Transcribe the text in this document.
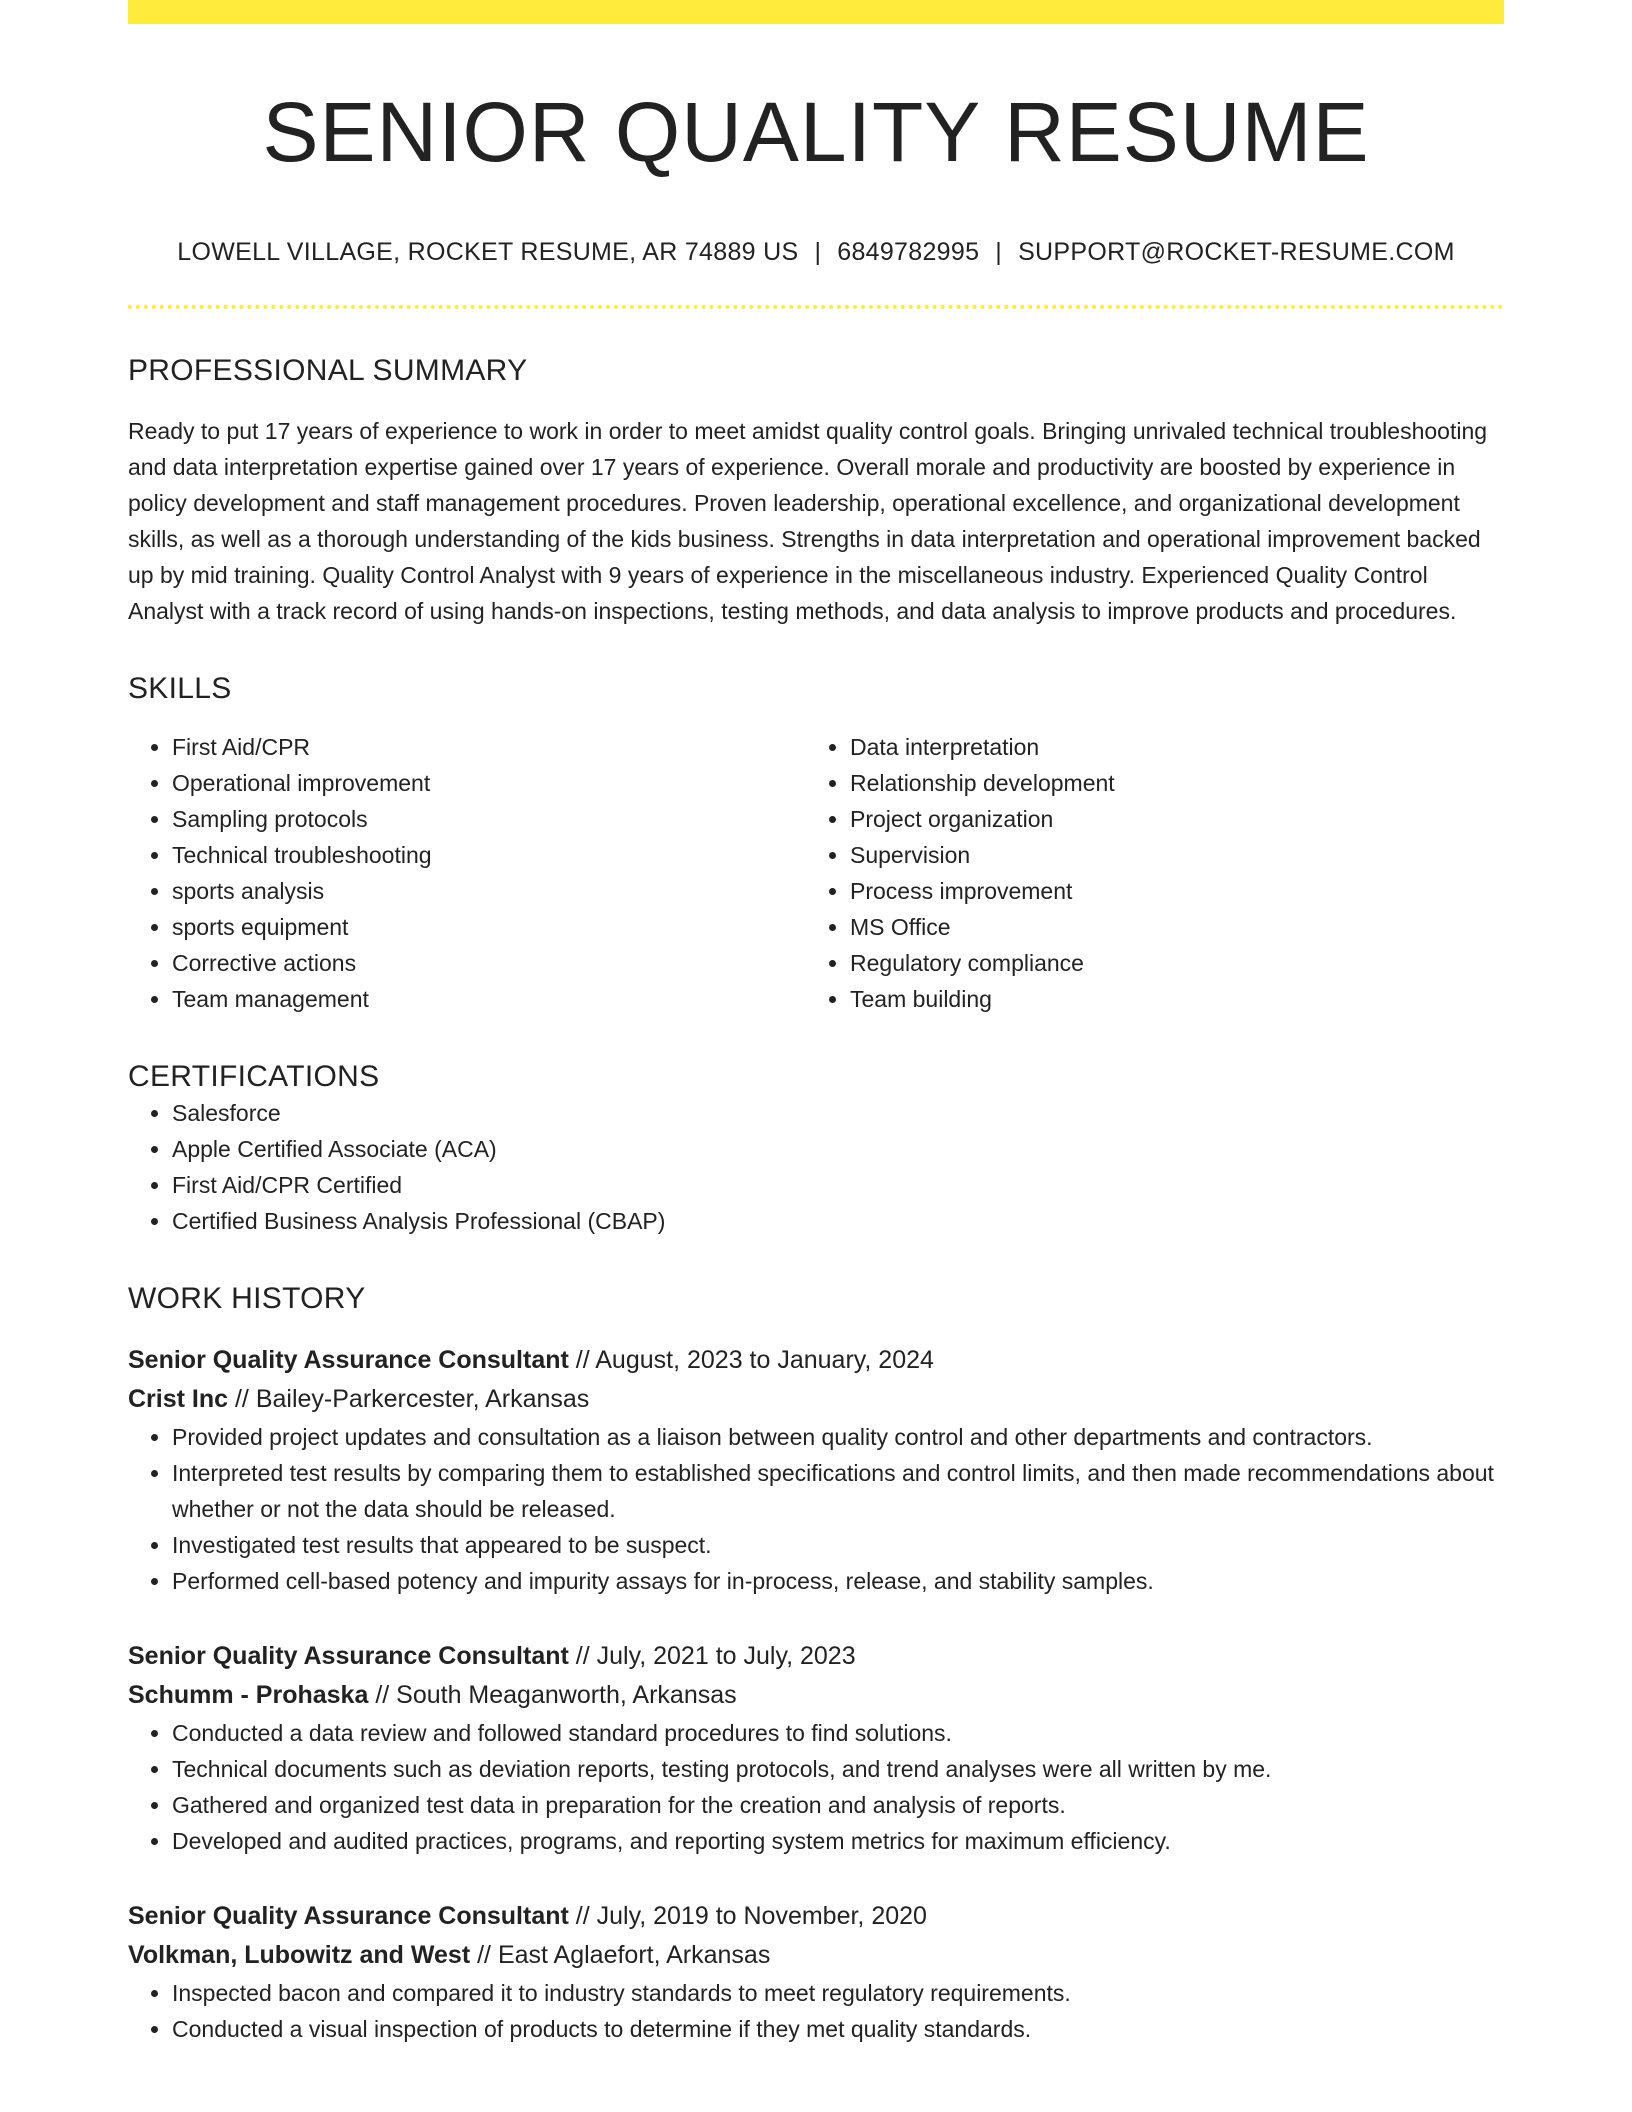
SENIOR QUALITY RESUME
LOWELL VILLAGE, ROCKET RESUME, AR 74889 US | 6849782995 | SUPPORT@ROCKET-RESUME.COM
PROFESSIONAL SUMMARY

Ready to put 17 years of experience to work in order to meet amidst quality control goals. Bringing unrivaled technical troubleshooting and data interpretation expertise gained over 17 years of experience. Overall morale and productivity are boosted by experience in policy development and staff management procedures. Proven leadership, operational excellence, and organizational development skills, as well as a thorough understanding of the kids business. Strengths in data interpretation and operational improvement backed up by mid training. Quality Control Analyst with 9 years of experience in the miscellaneous industry. Experienced Quality Control Analyst with a track record of using hands-on inspections, testing methods, and data analysis to improve products and procedures.

SKILLS
• First Aid/CPR
• Operational improvement
• Sampling protocols
• Technical troubleshooting
• sports analysis
• sports equipment
• Corrective actions
• Team management
• Data interpretation
• Relationship development
• Project organization
• Supervision
• Process improvement
• MS Office
• Regulatory compliance
• Team building
CERTIFICATIONS
• Salesforce
• Apple Certified Associate (ACA)
• First Aid/CPR Certified
• Certified Business Analysis Professional (CBAP)
WORK HISTORY
Senior Quality Assurance Consultant // August, 2023 to January, 2024
Crist Inc // Bailey-Parkercester, Arkansas
• Provided project updates and consultation as a liaison between quality control and other departments and contractors.
• Interpreted test results by comparing them to established specifications and control limits, and then made recommendations about whether or not the data should be released.
• Investigated test results that appeared to be suspect.
• Performed cell-based potency and impurity assays for in-process, release, and stability samples.
Senior Quality Assurance Consultant // July, 2021 to July, 2023
Schumm - Prohaska // South Meaganworth, Arkansas
• Conducted a data review and followed standard procedures to find solutions.
• Technical documents such as deviation reports, testing protocols, and trend analyses were all written by me.
• Gathered and organized test data in preparation for the creation and analysis of reports.
• Developed and audited practices, programs, and reporting system metrics for maximum efficiency.
Senior Quality Assurance Consultant // July, 2019 to November, 2020
Volkman, Lubowitz and West // East Aglaefort, Arkansas
• Inspected bacon and compared it to industry standards to meet regulatory requirements.
• Conducted a visual inspection of products to determine if they met quality standards.
